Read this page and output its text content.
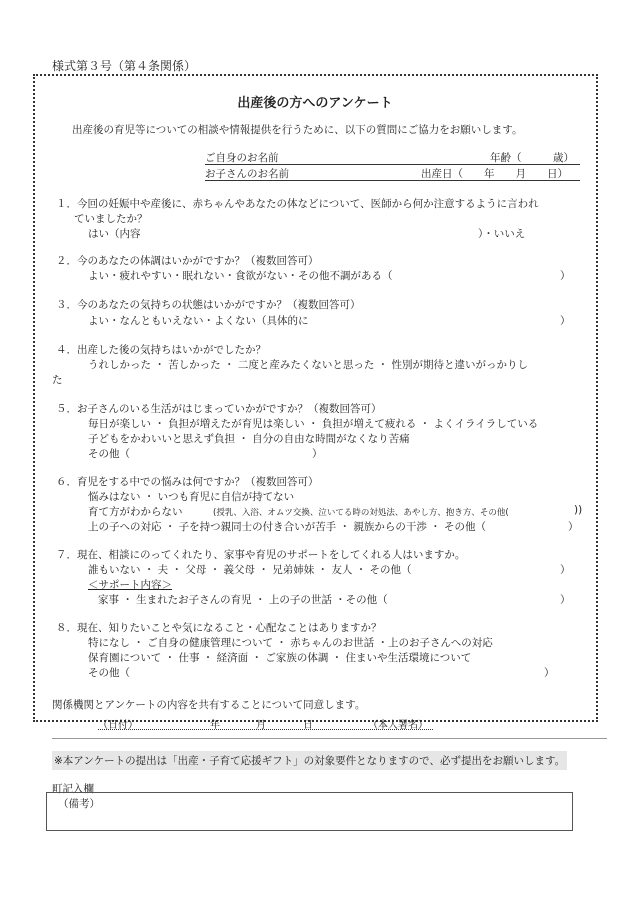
様式第３号（第４条関係）
出産後の方へのアンケート
出産後の育児等についての相談や情報提供を行うために、以下の質問にご協力をお願いします。
ご自身のお名前	年齢（　　　歳）
お子さんのお名前	出産日（　　年　　月　　日）
１．今回の妊娠中や産後に、赤ちゃんやあなたの体などについて、医師から何か注意するように言われ
ていましたか？
はい（内容	）・いいえ
２．今のあなたの体調はいかがですか？（複数回答可）
よい・疲れやすい・眠れない・食欲がない・その他不調がある（	）
３．今のあなたの気持ちの状態はいかがですか？（複数回答可）
よい・なんともいえない・よくない（具体的に	）
４．出産した後の気持ちはいかがでしたか？
うれしかった ・ 苦しかった ・ 二度と産みたくないと思った ・ 性別が期待と違いがっかりし
た
５．お子さんのいる生活がはじまっていかがですか？（複数回答可）
毎日が楽しい ・ 負担が増えたが育児は楽しい ・ 負担が増えて疲れる ・ よくイライラしている
子どもをかわいいと思えず負担 ・ 自分の自由な時間がなくなり苦痛
その他（	）
６．育児をする中での悩みは何ですか？（複数回答可）
悩みはない ・ いつも育児に自信が持てない
育て方がわからない	(授乳、入浴、オムツ交換、泣いてる時の対処法、あやし方、抱き方、その他(	))
上の子への対応 ・ 子を持つ親同士の付き合いが苦手 ・ 親族からの干渉 ・ その他（	）
７．現在、相談にのってくれたり、家事や育児のサポートをしてくれる人はいますか。
誰もいない ・ 夫 ・ 父母 ・ 義父母 ・ 兄弟姉妹 ・ 友人 ・ その他（	）
＜サポート内容＞
家事 ・ 生まれたお子さんの育児 ・ 上の子の世話 ・その他（	）
８．現在、知りたいことや気になること・心配なことはありますか？
特になし ・ ご自身の健康管理について ・ 赤ちゃんのお世話 ・上のお子さんへの対応
保育園について ・ 仕事 ・ 経済面 ・ ご家族の体調 ・ 住まいや生活環境について
その他（	）
関係機関とアンケートの内容を共有することについて同意します。
（日付）	年	月	日	（本人署名）
※本アンケートの提出は「出産・子育て応援ギフト」の対象要件となりますので、必ず提出をお願いします。
町記入欄
（備考）
